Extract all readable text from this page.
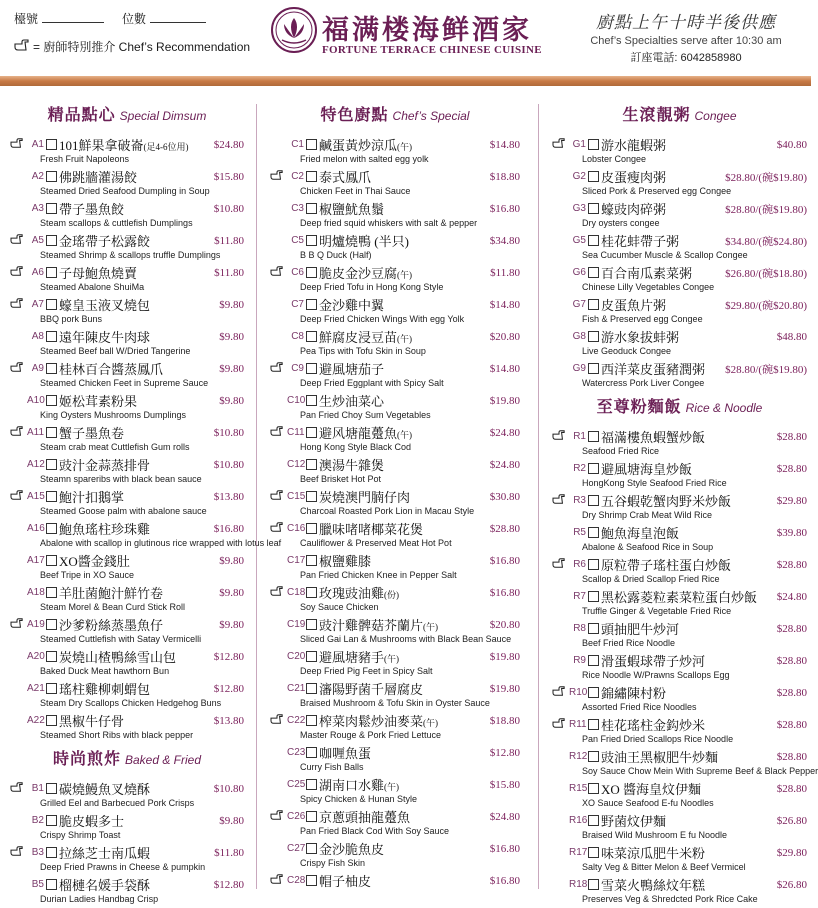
檯號	位數
= 廚師特別推介 Chef’s Recommendation
福满楼海鲜酒家
FORTUNE TERRACE CHINESE CUISINE
廚點上午十時半後供應
Chef’s Specialties serve after 10:30 am
訂座電話: 6042858980
精品點心 Special Dimsum
A1 101鮮果拿破崙(足4-6位用)	$24.80
Fresh Fruit Napoleons
A2 佛跳牆灌湯餃	$15.80
Steamed Dried Seafood Dumpling in Soup
A3 帶子墨魚餃	$10.80
Steam scallops & cuttlefish Dumplings
A5 金瑤帶子松露餃	$11.80
Steamed Shrimp & scallops truffle Dumplings
A6 子母鮑魚燒賣	$11.80
Steamed Abalone ShuiMa
A7 蠔皇玉液叉燒包	$9.80
BBQ pork Buns
A8 遠年陳皮牛肉球	$9.80
Steamed Beef ball W/Dried Tangerine
A9 桂林百合醬蒸鳳爪	$9.80
Steamed Chicken Feet in Supreme Sauce
A10 姬松茸素粉果	$9.80
King Oysters Mushrooms Dumplings
A11 蟹子墨魚卷	$10.80
Steam crab meat Cuttlefish Gum rolls
A12 豉汁金蒜蒸排骨	$10.80
Steamn spareribs with black bean sauce
A15 鮑汁扣鵝掌	$13.80
Steamed Goose palm with abalone sauce
A16 鮑魚瑤柱珍珠雞	$16.80
Abalone with scallop in glutinous rice wrapped with lotus leaf
A17 XO醬金錢肚	$9.80
Beef Tripe in XO Sauce
A18 羊肚菌鮑汁鮮竹卷	$9.80
Steam Morel & Bean Curd Stick Roll
A19 沙爹粉絲蒸墨魚仔	$9.80
Steamed Cuttlefish with Satay Vermicelli
A20 炭燒山楂鴨絲雪山包	$12.80
Baked Duck Meat hawthorn Bun
A21 瑤柱雞柳刺蝟包	$12.80
Steam Dry Scallops Chicken Hedgehog Buns
A22 黑椒牛仔骨	$13.80
Steamed Short Ribs with black pepper
時尚煎炸 Baked & Fried
B1 碳燒鰻魚叉燒酥	$10.80
Grilled Eel and Barbecued Pork Crisps
B2 脆皮蝦多士	$9.80
Crispy Shrimp Toast
B3 拉絲芝士南瓜蝦	$11.80
Deep Fried Prawns in Cheese & pumpkin
B5 榴槤名媛手袋酥	$12.80
Durian Ladies Handbag Crisp
特色廚點 Chef’s Special
C1 鹹蛋黃炒涼瓜(午)	$14.80
Fried melon with salted egg yolk
C2 泰式鳳爪	$18.80
Chicken Feet in Thai Sauce
C3 椒鹽魷魚鬚	$16.80
Deep fried squid whiskers with salt & pepper
C5 明爐燒鴨 (半只)	$34.80
B B Q Duck (Half)
C6 脆皮金沙豆腐(午)	$11.80
Deep Fried Tofu in Hong Kong Style
C7 金沙雞中翼	$14.80
Deep Fried Chicken Wings With egg Yolk
C8 鮮腐皮浸豆苗(午)	$20.80
Pea Tips with Tofu Skin in Soup
C9 避風塘茄子	$14.80
Deep Fried Eggplant with Spicy Salt
C10 生炒油菜心	$19.80
Pan Fried Choy Sum Vegetables
C11 避风塘龍躉魚(午)	$24.80
Hong Kong Style Black Cod
C12 澳湯牛雜煲	$24.80
Beef Brisket Hot Pot
C15 炭燒澳門腩仔肉	$30.80
Charcoal Roasted Pork Lion in Macau Style
C16 臘味啫啫椰菜花煲	$28.80
Cauliflower & Preserved Meat Hot Pot
C17 椒鹽雞膝	$16.80
Pan Fried Chicken Knee in Pepper Salt
C18 玫瑰豉油雞(份)	$16.80
Soy Sauce Chicken
C19 豉汁雞髀菇芥蘭片(午)	$20.80
Sliced Gai Lan & Mushrooms with Black Bean Sauce
C20 避風塘豬手(午)	$19.80
Deep Fried Pig Feet in Spicy Salt
C21 瀋陽野菌千層腐皮	$19.80
Braised Mushroom & Tofu Skin in Oyster Sauce
C22 榨菜肉鬆炒油麥菜(午)	$18.80
Master Rouge & Pork Fried Lettuce
C23 咖喱魚蛋	$12.80
Curry Fish Balls
C25 湖南口水雞(午)	$15.80
Spicy Chicken & Hunan Style
C26 京蔥頭抽龍躉魚	$24.80
Pan Fried Black Cod With Soy Sauce
C27 金沙脆魚皮	$16.80
Crispy Fish Skin
C28 帽子柚皮	$16.80
生滾靚粥 Congee
G1 游水龍蝦粥	$40.80
Lobster Congee
G2 皮蛋瘦肉粥	$28.80/(碗$19.80)
Sliced Pork & Preserved egg Congee
G3 蠔豉肉碎粥	$28.80/(碗$19.80)
Dry oysters congee
G5 桂花蚌帶子粥	$34.80/(碗$24.80)
Sea Cucumber Muscle & Scallop Congee
G6 百合南瓜素菜粥	$26.80/(碗$18.80)
Chinese Lilly Vegetables Congee
G7 皮蛋魚片粥	$29.80/(碗$20.80)
Fish & Preserved egg Congee
G8 游水象拔蚌粥	$48.80
Live Geoduck Congee
G9 西洋菜皮蛋豬潤粥	$28.80/(碗$19.80)
Watercress Pork Liver Congee
至尊粉麵飯 Rice & Noodle
R1 福滿樓魚蝦蟹炒飯	$28.80
Seafood Fried Rice
R2 避風塘海皇炒飯	$28.80
HongKong Style Seafood Fried Rice
R3 五谷蝦乾蟹肉野米炒飯	$29.80
Dry Shrimp Crab Meat Wild Rice
R5 鮑魚海皇泡飯	$39.80
Abalone & Seafood Rice in Soup
R6 原粒帶子瑤柱蛋白炒飯	$28.80
Scallop & Dried Scallop Fried Rice
R7 黑松露菱粒素菜粒蛋白炒飯	$24.80
Truffle Ginger & Vegetable Fried Rice
R8 頭抽肥牛炒河	$28.80
Beef Fried Rice Noodle
R9 滑蛋蝦球帶子炒河	$28.80
Rice Noodle W/Prawns Scallops Egg
R10 錦繡陳村粉	$28.80
Assorted Fried Rice Noodles
R11 桂花瑤柱金鈎炒米	$28.80
Pan Fried Dried Scallops Rice Noodle
R12 豉油王黑椒肥牛炒麵	$28.80
Soy Sauce Chow Mein With Supreme Beef & Black Pepper
R15 XO 醬海皇炆伊麵	$28.80
XO Sauce Seafood E-fu Noodles
R16 野菌炆伊麵	$26.80
Braised Wild Mushroom E fu Noodle
R17 味菜涼瓜肥牛米粉	$29.80
Salty Veg & Bitter Melon & Beef Vermicel
R18 雪菜火鴨絲炆年糕	$26.80
Preserves Veg & Shredcted Pork Rice Cake
